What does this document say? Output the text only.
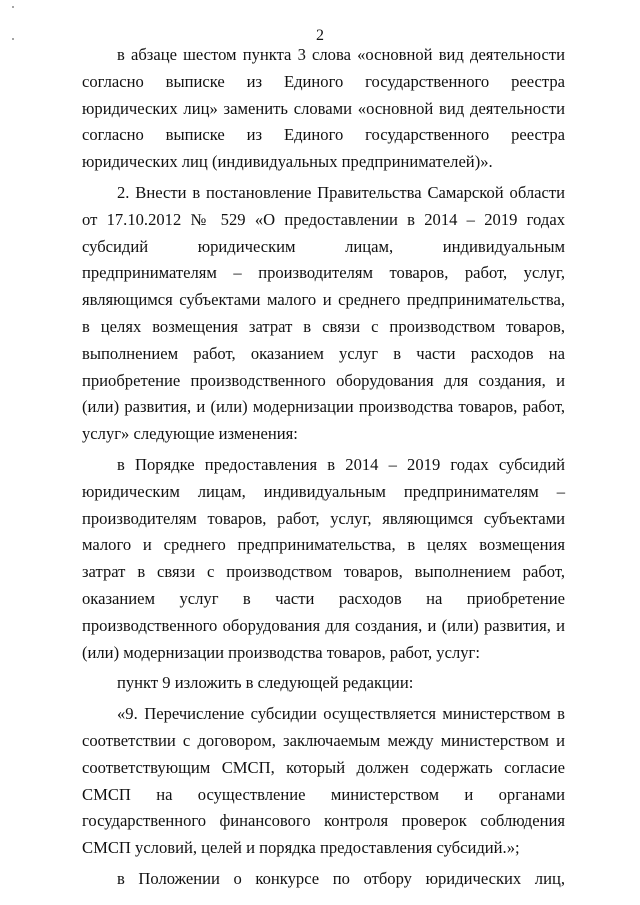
2

в абзаце шестом пункта 3 слова «основной вид деятельности согласно выписке из Единого государственного реестра юридических лиц» заменить словами «основной вид деятельности согласно выписке из Единого государственного реестра юридических лиц (индивидуальных предпринимателей)».

2. Внести в постановление Правительства Самарской области от 17.10.2012 № 529 «О предоставлении в 2014 – 2019 годах субсидий юридическим лицам, индивидуальным предпринимателям – производителям товаров, работ, услуг, являющимся субъектами малого и среднего предпринимательства, в целях возмещения затрат в связи с производством товаров, выполнением работ, оказанием услуг в части расходов на приобретение производственного оборудования для создания, и (или) развития, и (или) модернизации производства товаров, работ, услуг» следующие изменения:

в Порядке предоставления в 2014 – 2019 годах субсидий юридическим лицам, индивидуальным предпринимателям – производителям товаров, работ, услуг, являющимся субъектами малого и среднего предпринимательства, в целях возмещения затрат в связи с производством товаров, выполнением работ, оказанием услуг в части расходов на приобретение производственного оборудования для создания, и (или) развития, и (или) модернизации производства товаров, работ, услуг:

пункт 9 изложить в следующей редакции:

«9. Перечисление субсидии осуществляется министерством в соответствии с договором, заключаемым между министерством и соответствующим СМСП, который должен содержать согласие СМСП на осуществление министерством и органами государственного финансового контроля проверок соблюдения СМСП условий, целей и порядка предоставления субсидий.»;

в Положении о конкурсе по отбору юридических лиц,
